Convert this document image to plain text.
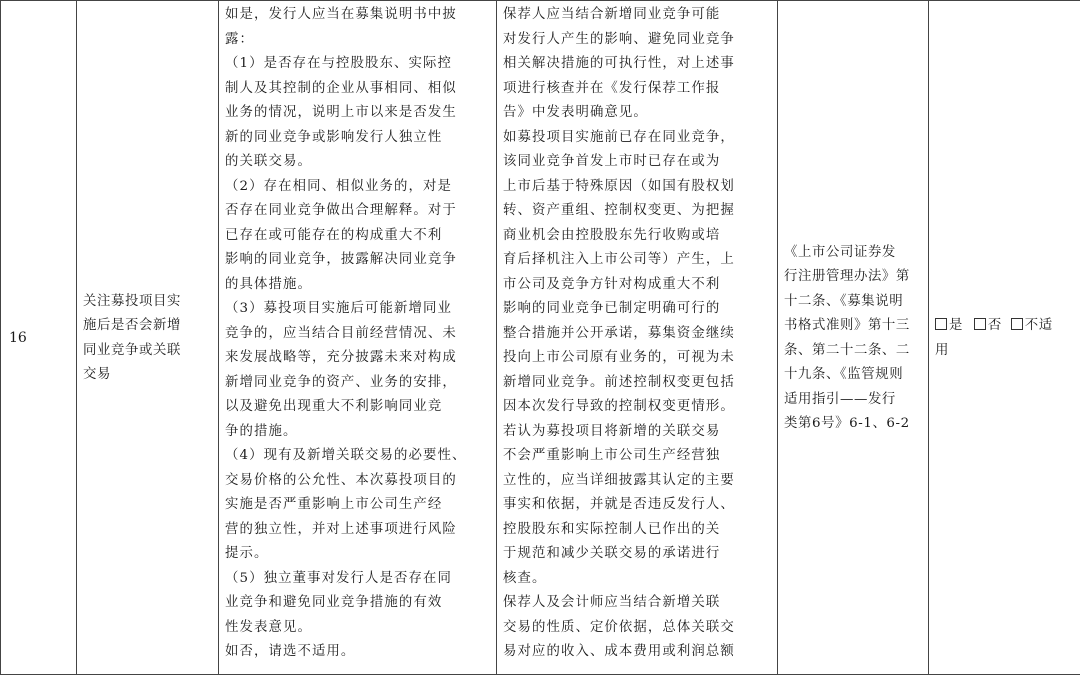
16	
关注募投项目实
施后是否会新增
同业竞争或关联
交易

如是，发行人应当在募集说明书中披
露：
（1）是否存在与控股股东、实际控
制人及其控制的企业从事相同、相似
业务的情况，说明上市以来是否发生
新的同业竞争或影响发行人独立性
的关联交易。
（2）存在相同、相似业务的，对是
否存在同业竞争做出合理解释。对于
已存在或可能存在的构成重大不利
影响的同业竞争，披露解决同业竞争
的具体措施。
（3）募投项目实施后可能新增同业
竞争的，应当结合目前经营情况、未
来发展战略等，充分披露未来对构成
新增同业竞争的资产、业务的安排，
以及避免出现重大不利影响同业竞
争的措施。
（4）现有及新增关联交易的必要性、
交易价格的公允性、本次募投项目的
实施是否严重影响上市公司生产经
营的独立性，并对上述事项进行风险
提示。
（5）独立董事对发行人是否存在同
业竞争和避免同业竞争措施的有效
性发表意见。
如否，请选不适用。

保荐人应当结合新增同业竞争可能
对发行人产生的影响、避免同业竞争
相关解决措施的可执行性，对上述事
项进行核查并在《发行保荐工作报
告》中发表明确意见。
如募投项目实施前已存在同业竞争，
该同业竞争首发上市时已存在或为
上市后基于特殊原因（如国有股权划
转、资产重组、控制权变更、为把握
商业机会由控股股东先行收购或培
育后择机注入上市公司等）产生，上
市公司及竞争方针对构成重大不利
影响的同业竞争已制定明确可行的
整合措施并公开承诺，募集资金继续
投向上市公司原有业务的，可视为未
新增同业竞争。前述控制权变更包括
因本次发行导致的控制权变更情形。
若认为募投项目将新增的关联交易
不会严重影响上市公司生产经营独
立性的，应当详细披露其认定的主要
事实和依据，并就是否违反发行人、
控股股东和实际控制人已作出的关
于规范和减少关联交易的承诺进行
核查。
保荐人及会计师应当结合新增关联
交易的性质、定价依据，总体关联交
易对应的收入、成本费用或利润总额

《上市公司证券发
行注册管理办法》第
十二条、《募集说明
书格式准则》第十三
条、第二十二条、二
十九条、《监管规则
适用指引——发行
类第6号》6-1、6-2

是 否 不适
用
